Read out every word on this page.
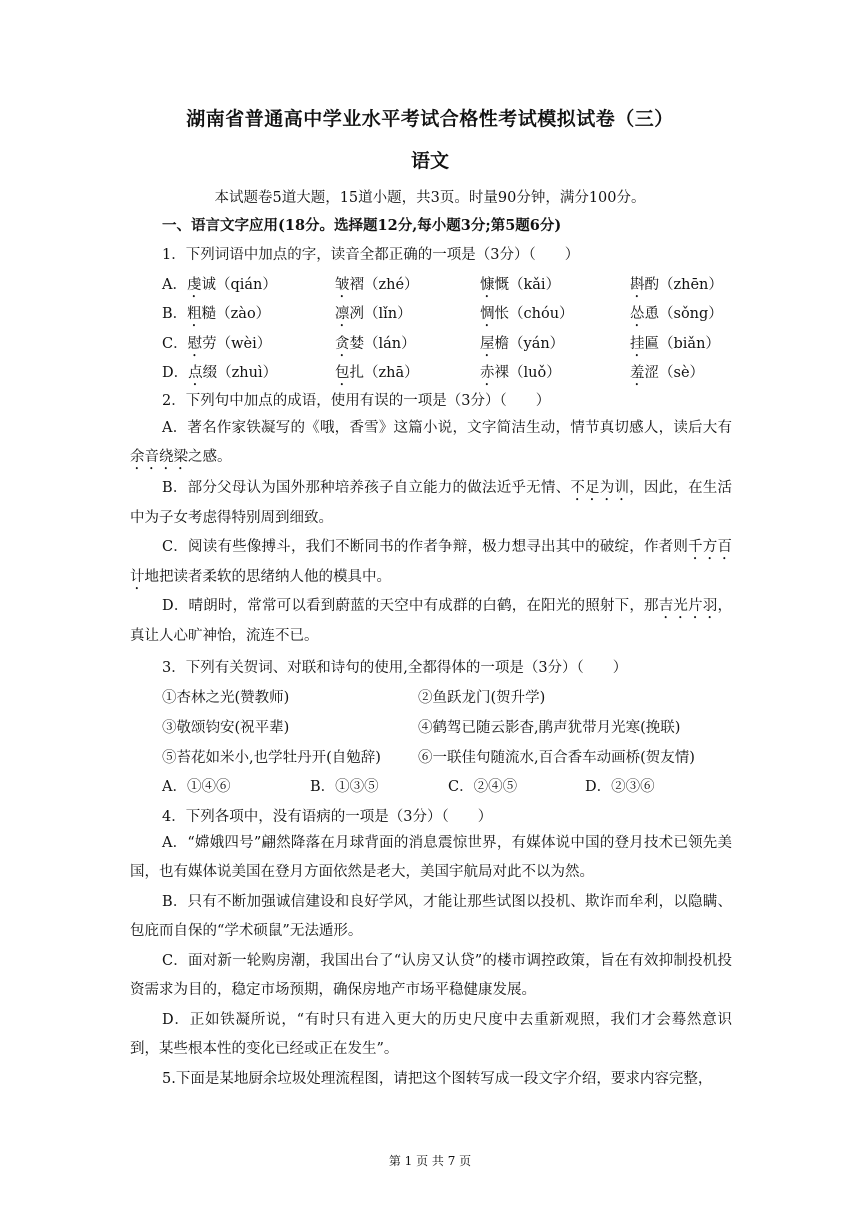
湖南省普通高中学业水平考试合格性考试模拟试卷（三）
语文
本试题卷5道大题，15道小题，共3页。时量90分钟，满分100分。
一、语言文字应用(18分。选择题12分,每小题3分;第5题6分)
1．下列词语中加点的字，读音全都正确的一项是（3分）（　　）
A．虔诚（qián）	皱褶（zhé）	慷慨（kǎi）	斟酌（zhēn）
B．粗糙（zào）	凛冽（lǐn）	惆怅（chóu）	怂恿（sǒng）
C．慰劳（wèi）	贪婪（lán）	屋檐（yán）	挂匾（biǎn）
D．点缀（zhuì）	包扎（zhā）	赤裸（luǒ）	羞涩（sè）
2．下列句中加点的成语，使用有误的一项是（3分）（　　）
A．著名作家铁凝写的《哦，香雪》这篇小说，文字简洁生动，情节真切感人，读后大有余音绕梁之感。
B．部分父母认为国外那种培养孩子自立能力的做法近乎无情、不足为训，因此，在生活中为子女考虑得特别周到细致。
C．阅读有些像搏斗，我们不断同书的作者争辩，极力想寻出其中的破绽，作者则千方百计地把读者柔软的思绪纳人他的模具中。
D．晴朗时，常常可以看到蔚蓝的天空中有成群的白鹤，在阳光的照射下，那吉光片羽，真让人心旷神怡，流连不已。
3．下列有关贺词、对联和诗句的使用,全都得体的一项是（3分）（　　）
①杏林之光(赞教师)	②鱼跃龙门(贺升学)
③敬颂钧安(祝平辈)	④鹤驾已随云影杳,鹃声犹带月光寒(挽联)
⑤苔花如米小,也学牡丹开(自勉辞)	⑥一联佳句随流水,百合香车动画桥(贺友情)
A．①④⑥	B．①③⑤	C．②④⑤	D．②③⑥
4．下列各项中，没有语病的一项是（3分）（　　）
A．“嫦娥四号”翩然降落在月球背面的消息震惊世界，有媒体说中国的登月技术已领先美国，也有媒体说美国在登月方面依然是老大，美国宇航局对此不以为然。
B．只有不断加强诚信建设和良好学风，才能让那些试图以投机、欺诈而牟利，以隐瞒、包庇而自保的“学术硕鼠”无法遁形。
C．面对新一轮购房潮，我国出台了“认房又认贷”的楼市调控政策，旨在有效抑制投机投资需求为目的，稳定市场预期，确保房地产市场平稳健康发展。
D．正如铁凝所说，“有时只有进入更大的历史尺度中去重新观照，我们才会蓦然意识到，某些根本性的变化已经或正在发生”。
5.下面是某地厨余垃圾处理流程图，请把这个图转写成一段文字介绍，要求内容完整，
第 1 页 共 7 页
